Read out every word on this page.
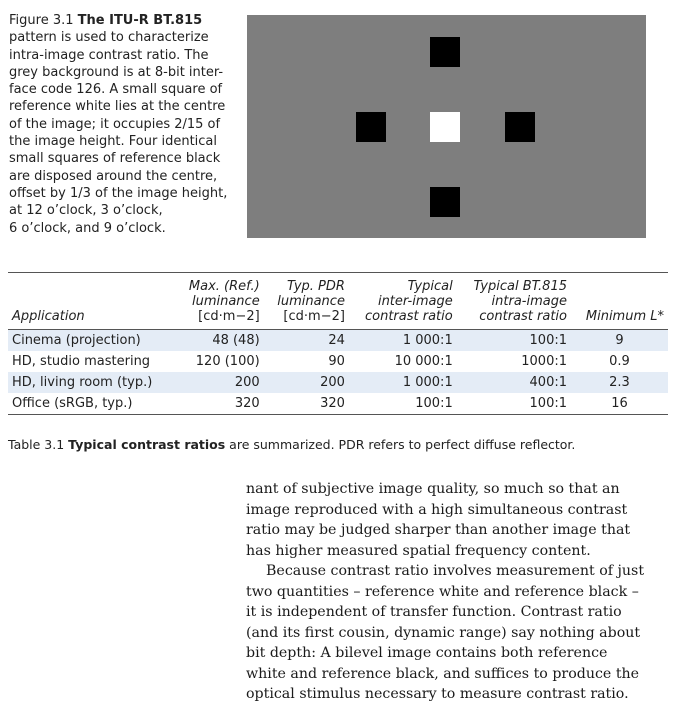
Figure 3.1 The ITU-R BT.815
pattern is used to characterize
intra-image contrast ratio. The
grey background is at 8-bit inter-
face code 126. A small square of
reference white lies at the centre
of the image; it occupies 2/15 of
the image height. Four identical
small squares of reference black
are disposed around the centre,
offset by 1/3 of the image height,
at 12 o’clock, 3 o’clock,
6 o’clock, and 9 o’clock.
Application	Max. (Ref.)
luminance
[cd·m−2]	Typ. PDR
luminance
[cd·m−2]	Typical
inter-image
contrast ratio	Typical BT.815
intra-image
contrast ratio	Minimum L*
Cinema (projection)	48 (48)	24	1 000:1	100:1	9
HD, studio mastering	120 (100)	90	10 000:1	1000:1	0.9
HD, living room (typ.)	200	200	1 000:1	400:1	2.3
Office (sRGB, typ.)	320	320	100:1	100:1	16
Table 3.1 Typical contrast ratios are summarized. PDR refers to perfect diffuse reflector.

nant of subjective image quality, so much so that an
image reproduced with a high simultaneous contrast
ratio may be judged sharper than another image that
has higher measured spatial frequency content.

Because contrast ratio involves measurement of just
two quantities – reference white and reference black –
it is independent of transfer function. Contrast ratio
(and its first cousin, dynamic range) say nothing about
bit depth: A bilevel image contains both reference
white and reference black, and suffices to produce the
optical stimulus necessary to measure contrast ratio.
